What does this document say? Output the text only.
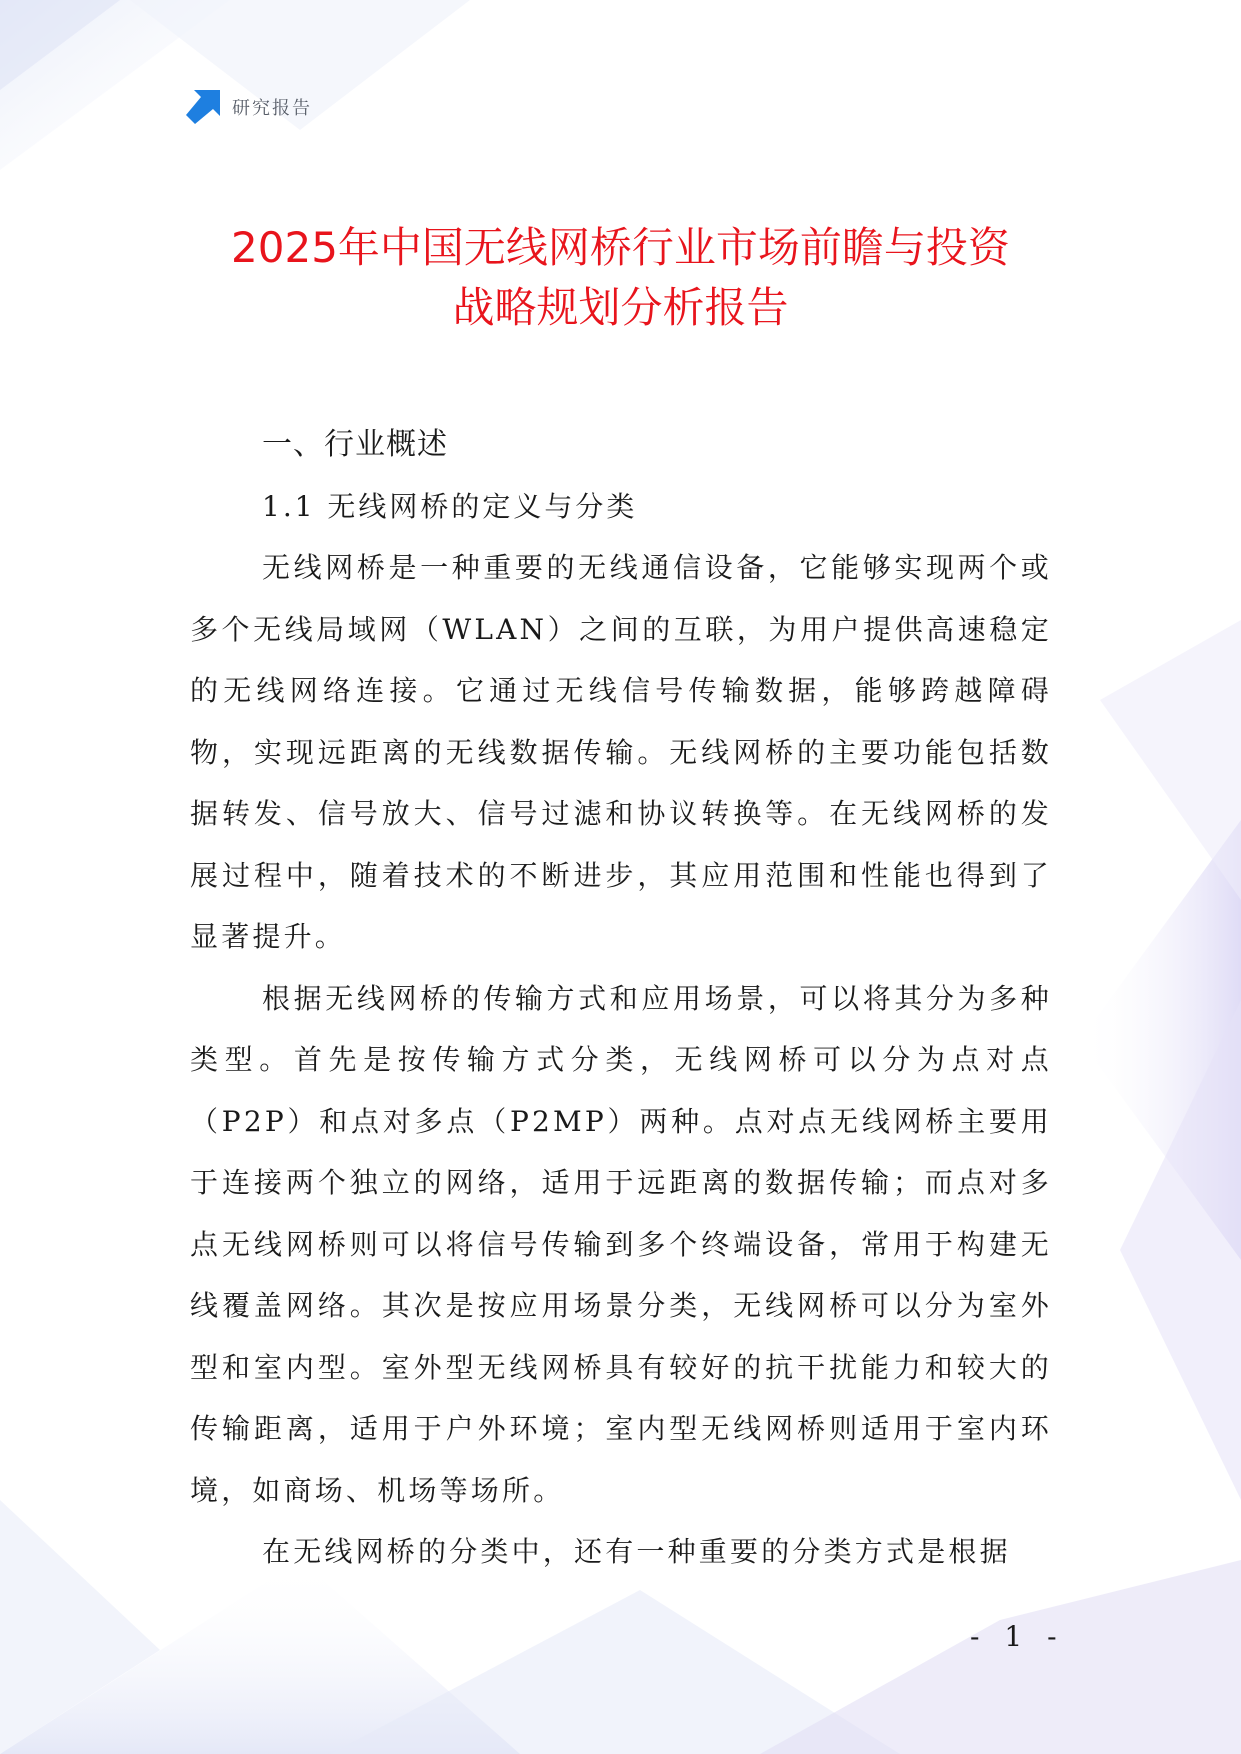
研究报告
2025年中国无线网桥行业市场前瞻与投资
战略规划分析报告
一、行业概述
1.1 无线网桥的定义与分类

无线网桥是一种重要的无线通信设备，它能够实现两个或多个无线局域网（WLAN）之间的互联，为用户提供高速稳定的无线网络连接。它通过无线信号传输数据，能够跨越障碍物，实现远距离的无线数据传输。无线网桥的主要功能包括数据转发、信号放大、信号过滤和协议转换等。在无线网桥的发展过程中，随着技术的不断进步，其应用范围和性能也得到了显著提升。

根据无线网桥的传输方式和应用场景，可以将其分为多种类型。首先是按传输方式分类，无线网桥可以分为点对点（P2P）和点对多点（P2MP）两种。点对点无线网桥主要用于连接两个独立的网络，适用于远距离的数据传输；而点对多点无线网桥则可以将信号传输到多个终端设备，常用于构建无线覆盖网络。其次是按应用场景分类，无线网桥可以分为室外型和室内型。室外型无线网桥具有较好的抗干扰能力和较大的传输距离，适用于户外环境；室内型无线网桥则适用于室内环境，如商场、机场等场所。

在无线网桥的分类中，还有一种重要的分类方式是根据

- 1 -
